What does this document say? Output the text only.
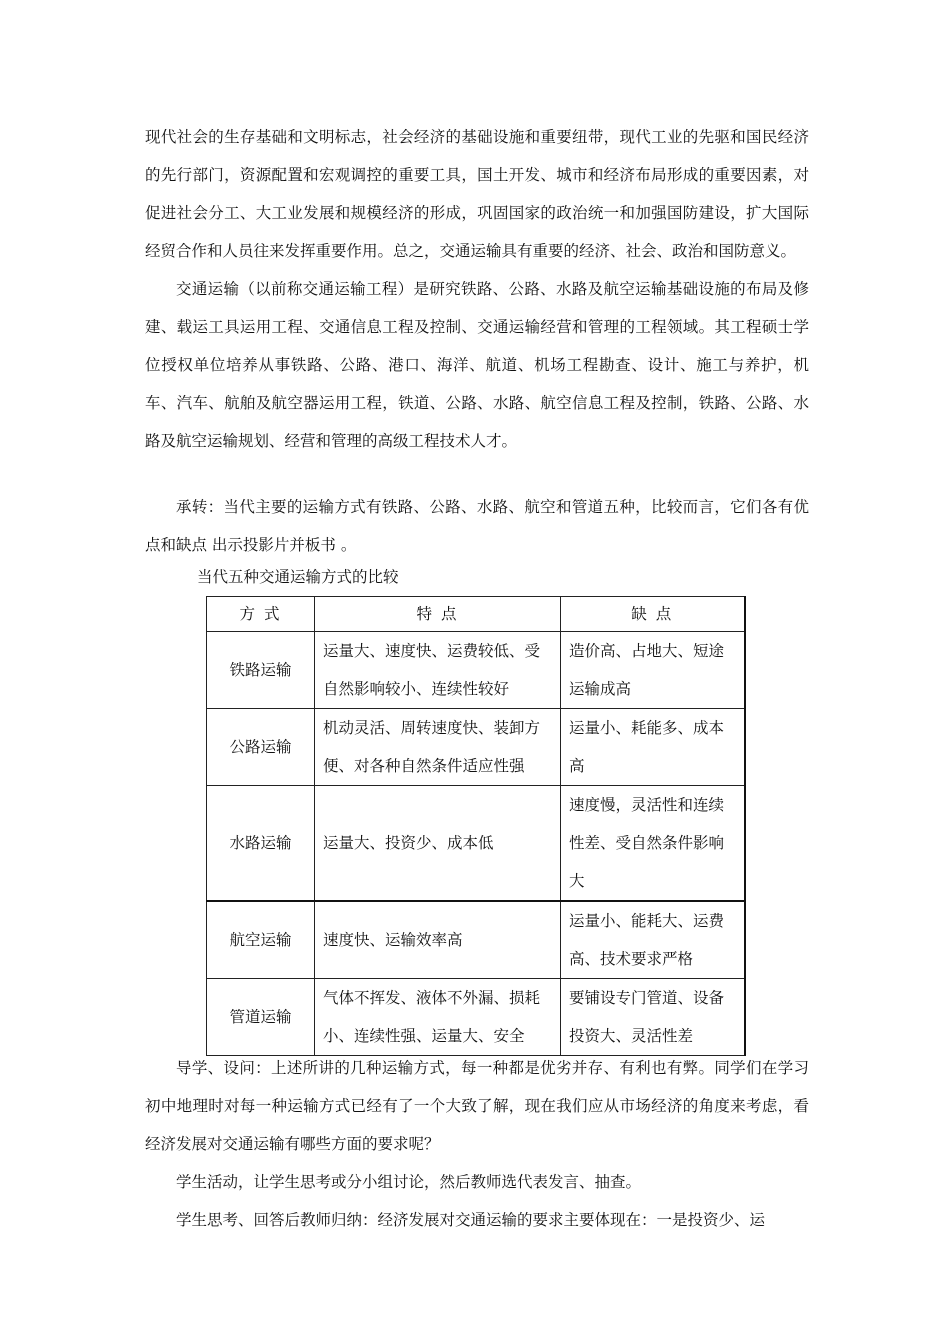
现代社会的生存基础和文明标志，社会经济的基础设施和重要纽带，现代工业的先驱和国民经济的先行部门，资源配置和宏观调控的重要工具，国土开发、城市和经济布局形成的重要因素，对促进社会分工、大工业发展和规模经济的形成，巩固国家的政治统一和加强国防建设，扩大国际经贸合作和人员往来发挥重要作用。总之，交通运输具有重要的经济、社会、政治和国防意义。

交通运输（以前称交通运输工程）是研究铁路、公路、水路及航空运输基础设施的布局及修建、载运工具运用工程、交通信息工程及控制、交通运输经营和管理的工程领域。其工程硕士学位授权单位培养从事铁路、公路、港口、海洋、航道、机场工程勘查、设计、施工与养护，机车、汽车、航舶及航空器运用工程，铁道、公路、水路、航空信息工程及控制，铁路、公路、水路及航空运输规划、经营和管理的高级工程技术人才。

承转：当代主要的运输方式有铁路、公路、水路、航空和管道五种，比较而言，它们各有优点和缺点 出示投影片并板书 。

当代五种交通运输方式的比较
方 式	特 点	缺 点
铁路运输	运量大、速度快、运费较低、受自然影响较小、连续性较好	造价高、占地大、短途运输成高
公路运输	机动灵活、周转速度快、装卸方便、对各种自然条件适应性强	运量小、耗能多、成本高
水路运输	运量大、投资少、成本低	速度慢，灵活性和连续性差、受自然条件影响大
航空运输	速度快、运输效率高	运量小、能耗大、运费高、技术要求严格
管道运输	气体不挥发、液体不外漏、损耗小、连续性强、运量大、安全	要铺设专门管道、设备投资大、灵活性差

导学、设问：上述所讲的几种运输方式，每一种都是优劣并存、有利也有弊。同学们在学习初中地理时对每一种运输方式已经有了一个大致了解，现在我们应从市场经济的角度来考虑，看经济发展对交通运输有哪些方面的要求呢？

学生活动，让学生思考或分小组讨论，然后教师选代表发言、抽查。

学生思考、回答后教师归纳：经济发展对交通运输的要求主要体现在：一是投资少、运
